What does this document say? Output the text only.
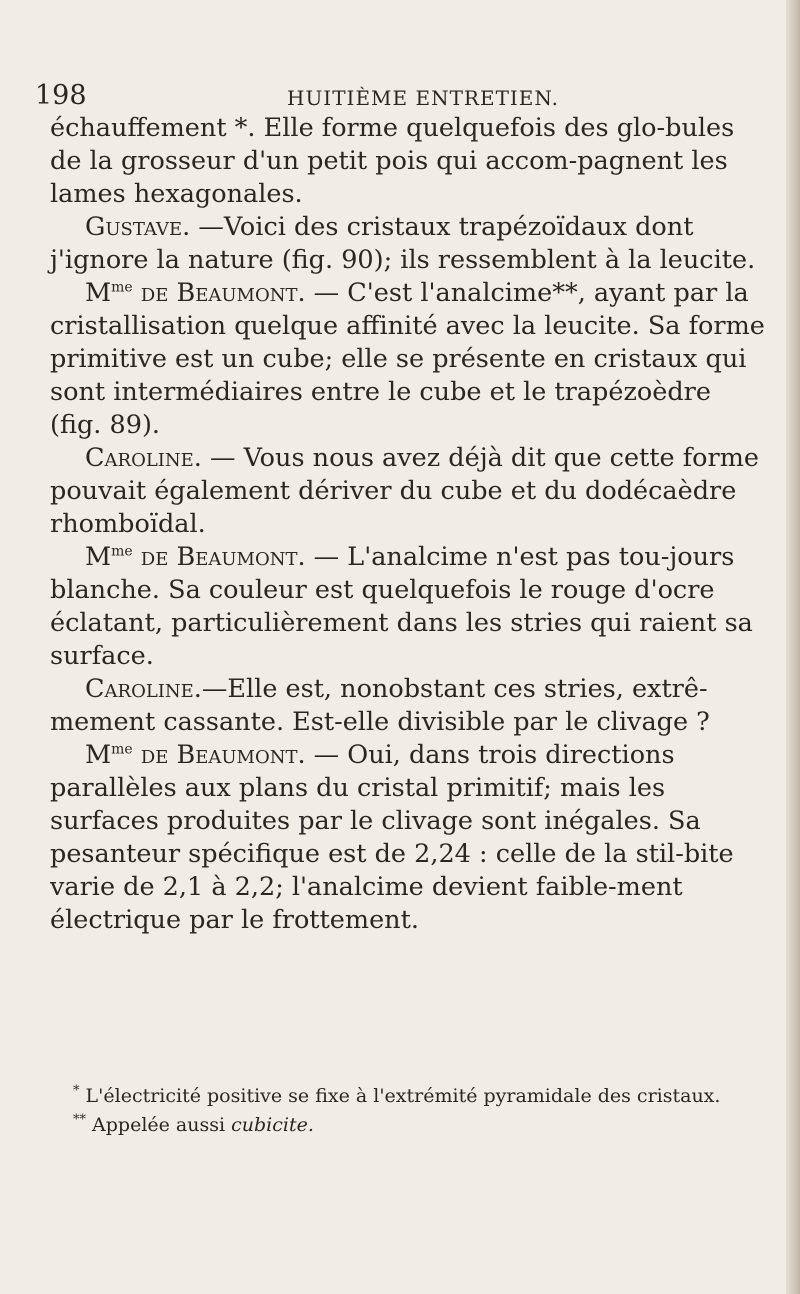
198	HUITIÈME ENTRETIEN.

échauffement *. Elle forme quelquefois des glo-bules de la grosseur d'un petit pois qui accom-pagnent les lames hexagonales.

Gustave. —Voici des cristaux trapézoïdaux dont j'ignore la nature (fig. 90); ils ressemblent à la leucite.

$M^{me}$ de Beaumont. — C'est l'analcime**, ayant par la cristallisation quelque affinité avec la leucite. Sa forme primitive est un cube; elle se présente en cristaux qui sont intermédiaires entre le cube et le trapézoèdre (fig. 89).

Caroline. — Vous nous avez déjà dit que cette forme pouvait également dériver du cube et du dodécaèdre rhomboïdal.

$M^{me}$ de Beaumont. — L'analcime n'est pas tou-jours blanche. Sa couleur est quelquefois le rouge d'ocre éclatant, particulièrement dans les stries qui raient sa surface.

Caroline.—Elle est, nonobstant ces stries, extrê-mement cassante. Est-elle divisible par le clivage ?

$M^{me}$ de Beaumont. — Oui, dans trois directions parallèles aux plans du cristal primitif; mais les surfaces produites par le clivage sont inégales. Sa pesanteur spécifique est de 2,24 : celle de la stil-bite varie de 2,1 à 2,2; l'analcime devient faible-ment électrique par le frottement.

* L'électricité positive se fixe à l'extrémité pyramidale des cristaux.

** Appelée aussi cubicite.
